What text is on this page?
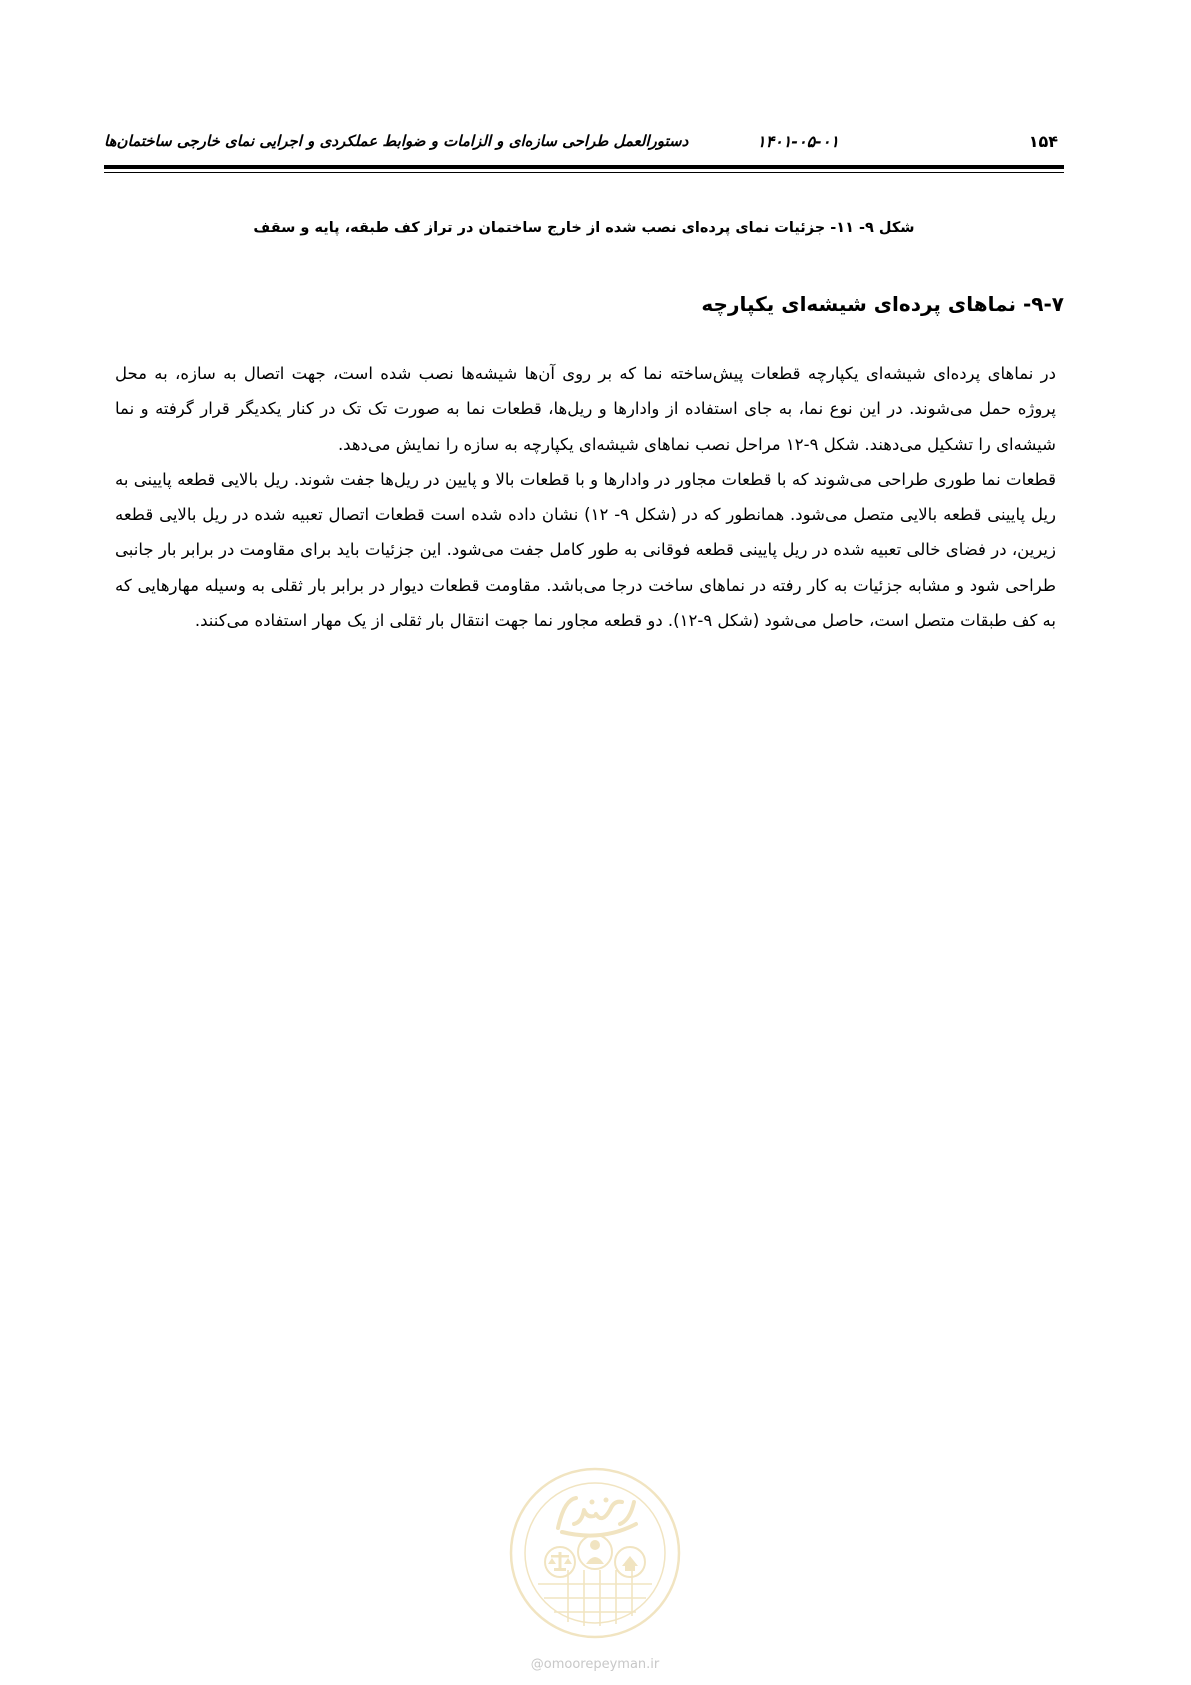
۱۵۴
۱۴۰۱-۰۵-۰۱
دستورالعمل طراحی سازه‌ای و الزامات و ضوابط عملکردی و اجرایی نمای خارجی ساختمان‌ها
شکل ۹- ۱۱- جزئیات نمای پرده‌ای نصب شده از خارج ساختمان در تراز کف طبقه، پایه و سقف
۹-۷- نماهای پرده‌ای شیشه‌ای یکپارچه

در نماهای پرده‌ای شیشه‌ای یکپارچه قطعات پیش‌ساخته نما که بر روی آن‌ها شیشه‌ها نصب شده است، جهت اتصال به سازه، به محل پروژه حمل می‌شوند. در این نوع نما، به جای استفاده از وادارها و ریل‌ها، قطعات نما به صورت تک تک در کنار یکدیگر قرار گرفته و نما شیشه‌ای را تشکیل می‌دهند. شکل ۹-۱۲ مراحل نصب نماهای شیشه‌ای یکپارچه به سازه را نمایش می‌دهد.

قطعات نما طوری طراحی می‌شوند که با قطعات مجاور در وادارها و با قطعات بالا و پایین در ریل‌ها جفت شوند. ریل بالایی قطعه پایینی به ریل پایینی قطعه بالایی متصل می‌شود. همانطور که در (شکل ۹- ۱۲) نشان داده شده است قطعات اتصال تعبیه شده در ریل بالایی قطعه زیرین، در فضای خالی تعبیه شده در ریل پایینی قطعه فوقانی به طور کامل جفت می‌شود. این جزئیات باید برای مقاومت در برابر بار جانبی طراحی شود و مشابه جزئیات به کار رفته در نماهای ساخت درجا می‌باشد. مقاومت قطعات دیوار در برابر بار ثقلی به وسیله مهارهایی که به کف طبقات متصل است، حاصل می‌شود (شکل ۹-۱۲). دو قطعه مجاور نما جهت انتقال بار ثقلی از یک مهار استفاده می‌کنند.

@omoorepeyman.ir
